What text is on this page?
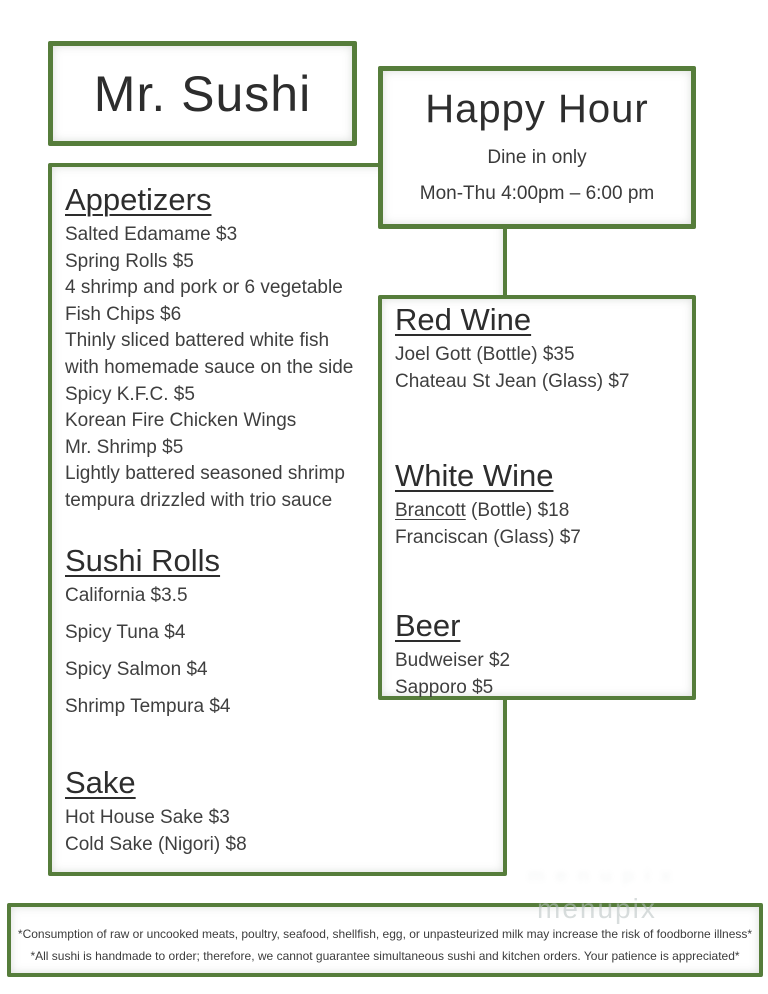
Mr. Sushi	Happy Hour
Dine in only
Mon-Thu 4:00pm – 6:00 pm
Appetizers
Salted Edamame $3
Spring Rolls $5
4 shrimp and pork or 6 vegetable
Fish Chips $6
Thinly sliced battered white fish
with homemade sauce on the side
Spicy K.F.C. $5
Korean Fire Chicken Wings
Mr. Shrimp $5
Lightly battered seasoned shrimp
tempura drizzled with trio sauce
Sushi Rolls
California $3.5
Spicy Tuna $4
Spicy Salmon $4
Shrimp Tempura $4
Sake
Hot House Sake $3
Cold Sake (Nigori) $8
Red Wine
Joel Gott (Bottle) $35
Chateau St Jean (Glass) $7
White Wine
Brancott (Bottle) $18
Franciscan (Glass) $7
Beer
Budweiser $2
Sapporo $5
*Consumption of raw or uncooked meats, poultry, seafood, shellfish, egg, or unpasteurized milk may increase the risk of foodborne illness*
*All sushi is handmade to order; therefore, we cannot guarantee simultaneous sushi and kitchen orders. Your patience is appreciated*
menupix
menupix
